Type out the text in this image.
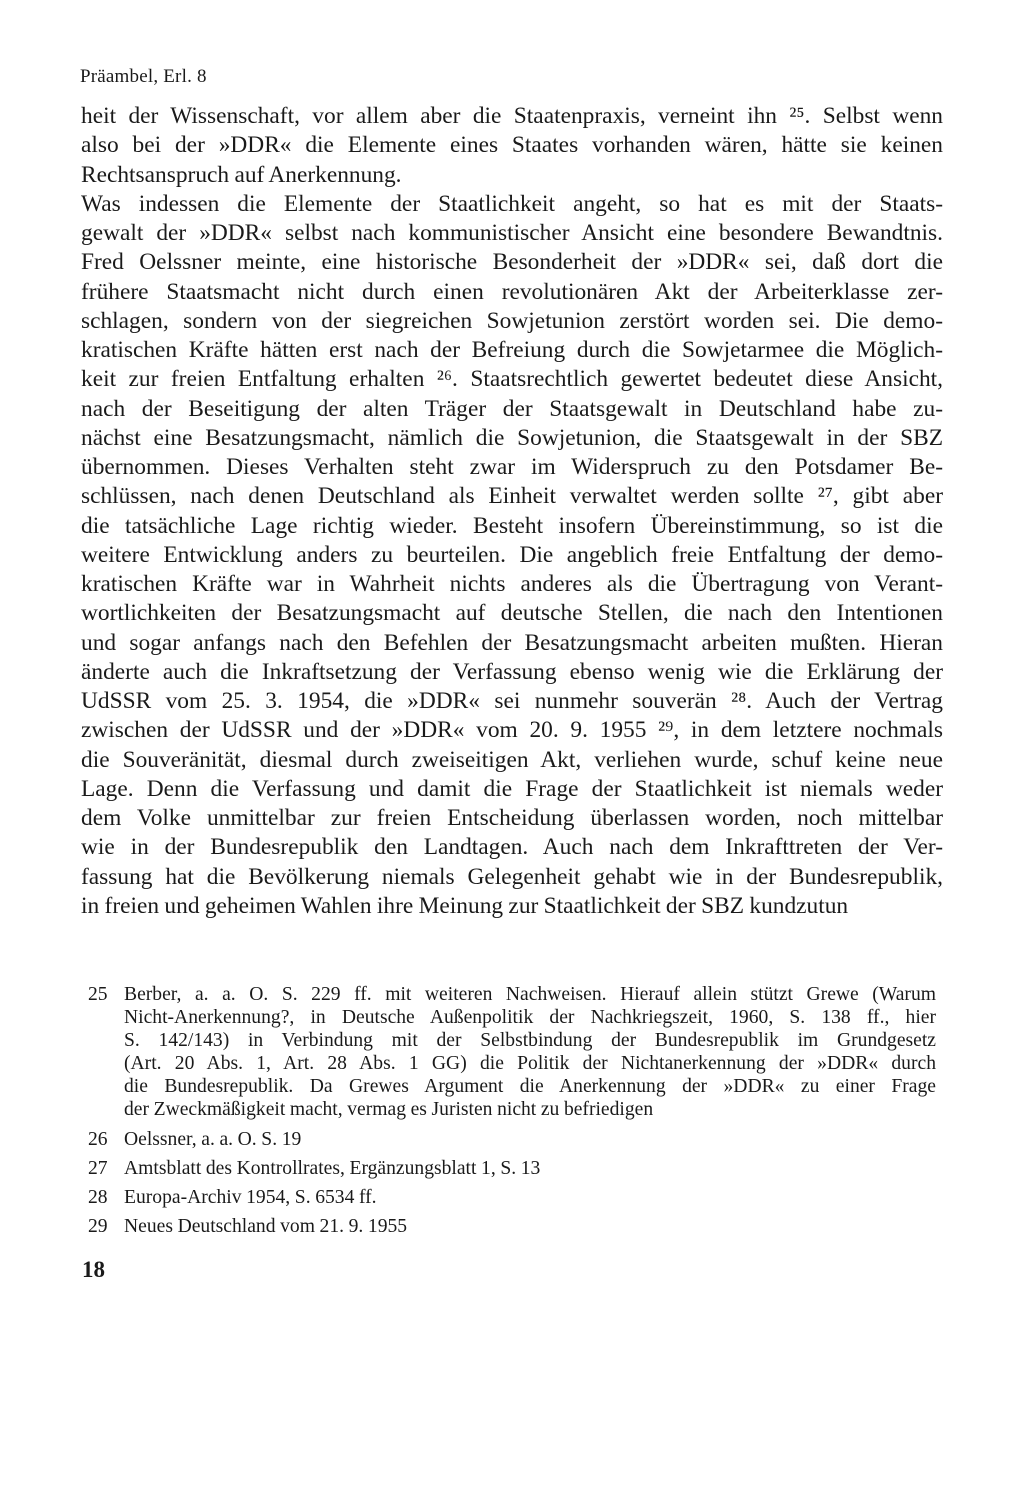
Präambel, Erl. 8
heit der Wissenschaft, vor allem aber die Staatenpraxis, verneint ihn ²⁵. Selbst wenn
also bei der »DDR« die Elemente eines Staates vorhanden wären, hätte sie keinen
Rechtsanspruch auf Anerkennung.
Was indessen die Elemente der Staatlichkeit angeht, so hat es mit der Staats-
gewalt der »DDR« selbst nach kommunistischer Ansicht eine besondere Bewandtnis.
Fred Oelssner meinte, eine historische Besonderheit der »DDR« sei, daß dort die
frühere Staatsmacht nicht durch einen revolutionären Akt der Arbeiterklasse zer-
schlagen, sondern von der siegreichen Sowjetunion zerstört worden sei. Die demo-
kratischen Kräfte hätten erst nach der Befreiung durch die Sowjetarmee die Möglich-
keit zur freien Entfaltung erhalten ²⁶. Staatsrechtlich gewertet bedeutet diese Ansicht,
nach der Beseitigung der alten Träger der Staatsgewalt in Deutschland habe zu-
nächst eine Besatzungsmacht, nämlich die Sowjetunion, die Staatsgewalt in der SBZ
übernommen. Dieses Verhalten steht zwar im Widerspruch zu den Potsdamer Be-
schlüssen, nach denen Deutschland als Einheit verwaltet werden sollte ²⁷, gibt aber
die tatsächliche Lage richtig wieder. Besteht insofern Übereinstimmung, so ist die
weitere Entwicklung anders zu beurteilen. Die angeblich freie Entfaltung der demo-
kratischen Kräfte war in Wahrheit nichts anderes als die Übertragung von Verant-
wortlichkeiten der Besatzungsmacht auf deutsche Stellen, die nach den Intentionen
und sogar anfangs nach den Befehlen der Besatzungsmacht arbeiten mußten. Hieran
änderte auch die Inkraftsetzung der Verfassung ebenso wenig wie die Erklärung der
UdSSR vom 25. 3. 1954, die »DDR« sei nunmehr souverän ²⁸. Auch der Vertrag
zwischen der UdSSR und der »DDR« vom 20. 9. 1955 ²⁹, in dem letztere nochmals
die Souveränität, diesmal durch zweiseitigen Akt, verliehen wurde, schuf keine neue
Lage. Denn die Verfassung und damit die Frage der Staatlichkeit ist niemals weder
dem Volke unmittelbar zur freien Entscheidung überlassen worden, noch mittelbar
wie in der Bundesrepublik den Landtagen. Auch nach dem Inkrafttreten der Ver-
fassung hat die Bevölkerung niemals Gelegenheit gehabt wie in der Bundesrepublik,
in freien und geheimen Wahlen ihre Meinung zur Staatlichkeit der SBZ kundzutun
25 Berber, a. a. O. S. 229 ff. mit weiteren Nachweisen. Hierauf allein stützt Grewe (Warum
Nicht-Anerkennung?, in Deutsche Außenpolitik der Nachkriegszeit, 1960, S. 138 ff., hier
S. 142/143) in Verbindung mit der Selbstbindung der Bundesrepublik im Grundgesetz
(Art. 20 Abs. 1, Art. 28 Abs. 1 GG) die Politik der Nichtanerkennung der »DDR« durch
die Bundesrepublik. Da Grewes Argument die Anerkennung der »DDR« zu einer Frage
der Zweckmäßigkeit macht, vermag es Juristen nicht zu befriedigen
26 Oelssner, a. a. O. S. 19
27 Amtsblatt des Kontrollrates, Ergänzungsblatt 1, S. 13
28 Europa-Archiv 1954, S. 6534 ff.
29 Neues Deutschland vom 21. 9. 1955
18
